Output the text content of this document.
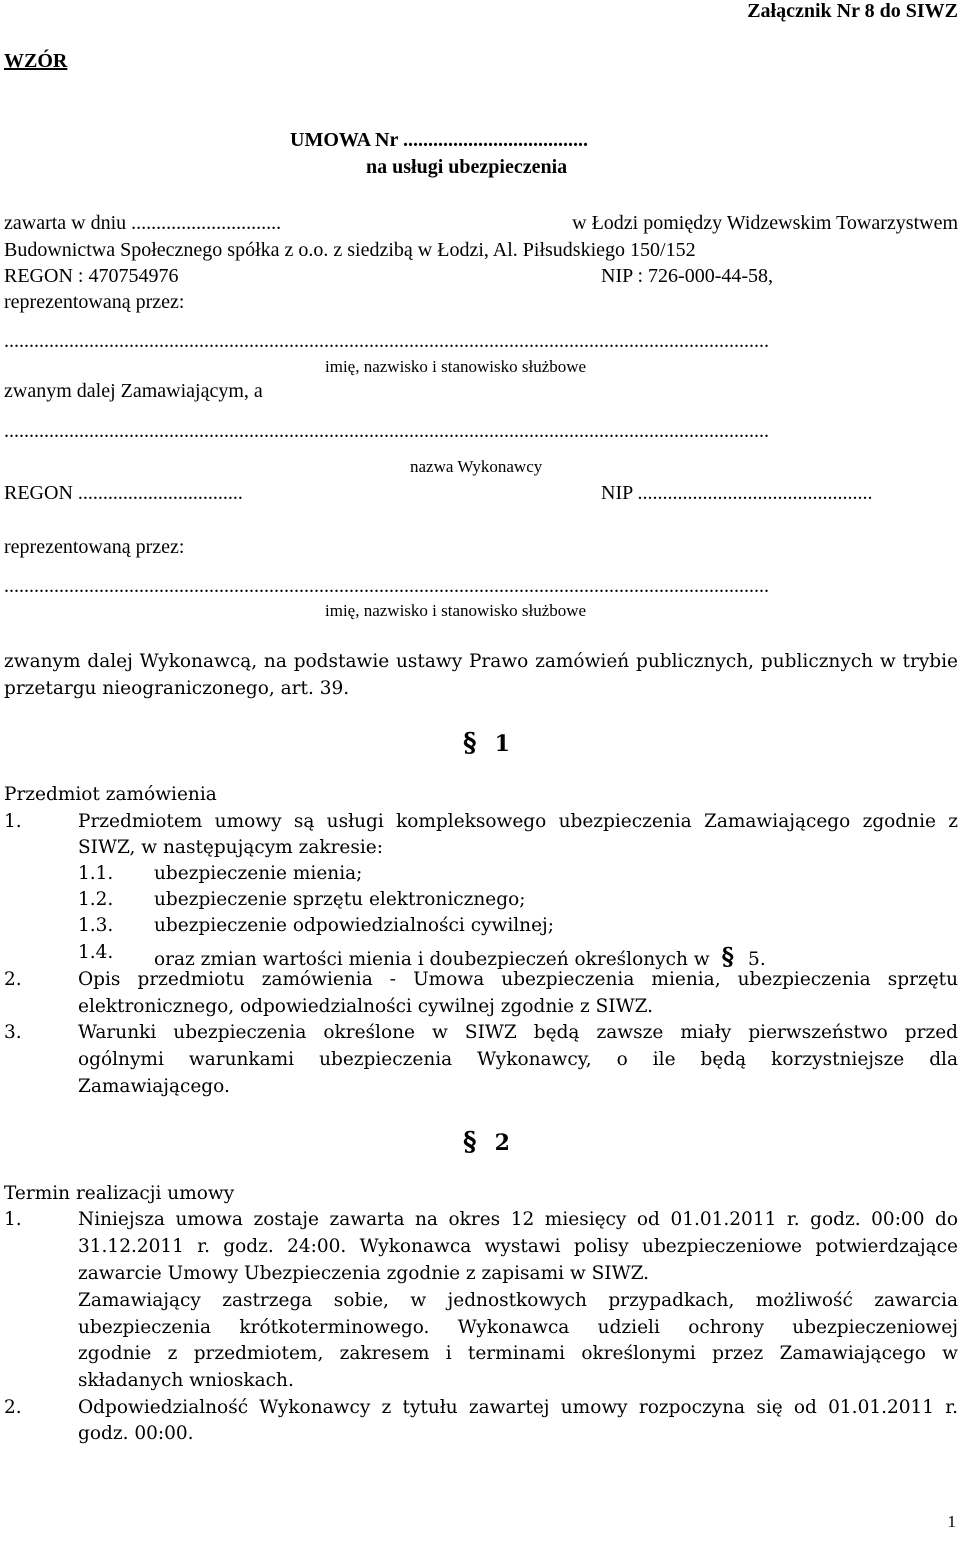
Załącznik Nr 8 do SIWZ
WZÓR
UMOWA Nr .....................................
na usługi ubezpieczenia
zawarta w dniu ..............................	w Łodzi pomiędzy Widzewskim Towarzystwem
Budownictwa Społecznego spółka z o.o. z siedzibą w Łodzi, Al. Piłsudskiego 150/152
REGON : 470754976	NIP : 726-000-44-58,
reprezentowaną przez:
.........................................................................................................................................................
imię, nazwisko i stanowisko służbowe
zwanym dalej Zamawiającym, a
.........................................................................................................................................................
nazwa Wykonawcy
REGON .................................	NIP ...............................................
reprezentowaną przez:
.........................................................................................................................................................
imię, nazwisko i stanowisko służbowe
zwanym dalej Wykonawcą, na podstawie ustawy Prawo zamówień publicznych, publicznych w trybie
przetargu nieograniczonego, art. 39.
§ 1
Przedmiot zamówienia
1.	Przedmiotem umowy są usługi kompleksowego ubezpieczenia Zamawiającego zgodnie z
SIWZ, w następującym zakresie:
1.1. ubezpieczenie mienia;
1.2. ubezpieczenie sprzętu elektronicznego;
1.3. ubezpieczenie odpowiedzialności cywilnej;
1.4. oraz zmian wartości mienia i doubezpieczeń określonych w § 5.
2.	Opis przedmiotu zamówienia - Umowa ubezpieczenia mienia, ubezpieczenia sprzętu
elektronicznego, odpowiedzialności cywilnej zgodnie z SIWZ.
3.	Warunki ubezpieczenia określone w SIWZ będą zawsze miały pierwszeństwo przed
ogólnymi warunkami ubezpieczenia Wykonawcy, o ile będą korzystniejsze dla
Zamawiającego.
§ 2
Termin realizacji umowy
1.	Niniejsza umowa zostaje zawarta na okres 12 miesięcy od 01.01.2011 r. godz. 00:00 do
31.12.2011 r. godz. 24:00. Wykonawca wystawi polisy ubezpieczeniowe potwierdzające
zawarcie Umowy Ubezpieczenia zgodnie z zapisami w SIWZ.
Zamawiający zastrzega sobie, w jednostkowych przypadkach, możliwość zawarcia
ubezpieczenia krótkoterminowego. Wykonawca udzieli ochrony ubezpieczeniowej
zgodnie z przedmiotem, zakresem i terminami określonymi przez Zamawiającego w
składanych wnioskach.
2.	Odpowiedzialność Wykonawcy z tytułu zawartej umowy rozpoczyna się od 01.01.2011 r.
godz. 00:00.
1
